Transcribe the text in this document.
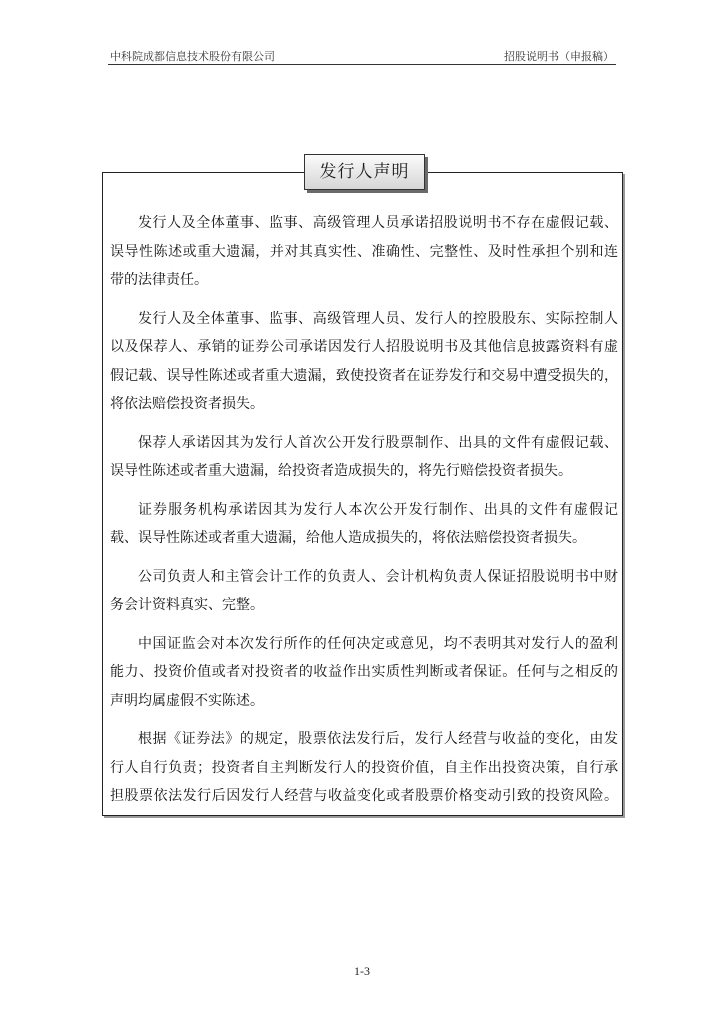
中科院成都信息技术股份有限公司	招股说明书（申报稿）
发行人声明
发行人及全体董事、监事、高级管理人员承诺招股说明书不存在虚假记载、
误导性陈述或重大遗漏，并对其真实性、准确性、完整性、及时性承担个别和连
带的法律责任。
发行人及全体董事、监事、高级管理人员、发行人的控股股东、实际控制人
以及保荐人、承销的证券公司承诺因发行人招股说明书及其他信息披露资料有虚
假记载、误导性陈述或者重大遗漏，致使投资者在证券发行和交易中遭受损失的，
将依法赔偿投资者损失。
保荐人承诺因其为发行人首次公开发行股票制作、出具的文件有虚假记载、
误导性陈述或者重大遗漏，给投资者造成损失的，将先行赔偿投资者损失。
证券服务机构承诺因其为发行人本次公开发行制作、出具的文件有虚假记
载、误导性陈述或者重大遗漏，给他人造成损失的，将依法赔偿投资者损失。
公司负责人和主管会计工作的负责人、会计机构负责人保证招股说明书中财
务会计资料真实、完整。
中国证监会对本次发行所作的任何决定或意见，均不表明其对发行人的盈利
能力、投资价值或者对投资者的收益作出实质性判断或者保证。任何与之相反的
声明均属虚假不实陈述。
根据《证券法》的规定，股票依法发行后，发行人经营与收益的变化，由发
行人自行负责；投资者自主判断发行人的投资价值，自主作出投资决策，自行承
担股票依法发行后因发行人经营与收益变化或者股票价格变动引致的投资风险。
1-3
